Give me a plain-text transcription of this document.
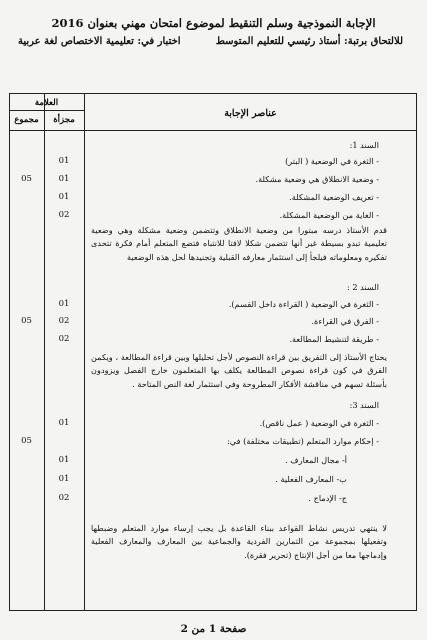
الإجابة النموذجية وسلم التنقيط لموضوع امتحان مهني بعنوان 2016
للالتحاق برتبة: أستاذ رئيسي للتعليم المتوسط
اختبار في: تعليمية الاختصاص لغة عربية
العلامة
مجزأة
مجموع
عناصر الإجابة
السند 1:
- الثغرة في الوضعية ( البتر)
01
- وضعية الانطلاق هي وضعية مشكلة.
01
05
- تعريف الوضعية المشكلة.
01
- الغاية من الوضعية المشكلة.
02
قدم الأستاذ درسه مبتورا من وضعية الانطلاق وتتضمن وضعية مشكلة وهي وضعية تعليمية تبدو بسيطة غير أنها تتضمن شكلا لافتا للانتباه فتضع المتعلم أمام فكرة تتحدى تفكيره ومعلوماته فيلجأ إلى استثمار معارفه القبلية وتجنيدها لحل هذه الوضعية
السند 2 :
- الثغرة في الوضعية ( القراءة داخل القسم).
01
- الفرق في القراءة.
02
05
- طريقة لتنشيط المطالعة.
02
يحتاج الأستاذ إلى التفريق بين قراءة النصوص لأجل تحليلها وبين قراءة المطالعة ، ويكمن الفرق في كون قراءة نصوص المطالعة يكلف بها المتعلمون خارج الفصل ويزودون بأسئلة تسهم في مناقشة الأفكار المطروحة وفي استثمار لغة النص المتاحة .
السند 3:
- الثغرة في الوضعية ( عمل ناقص).
01
- إحكام موارد المتعلم (تطبيقات مختلفة) في:
05
أ- مجال المعارف .
01
ب- المعارف الفعلية .
01
ج- الإدماج .
02
لا ينتهي تدريس نشاط القواعد ببناء القاعدة بل يجب إرساء موارد المتعلم وضبطها وتفعيلها بمجموعة من التمارين الفردية والجماعية بين المعارف والمعارف الفعلية وإدماجها معا من أجل الإنتاج (تحرير فقرة).
صفحة 1 من 2
